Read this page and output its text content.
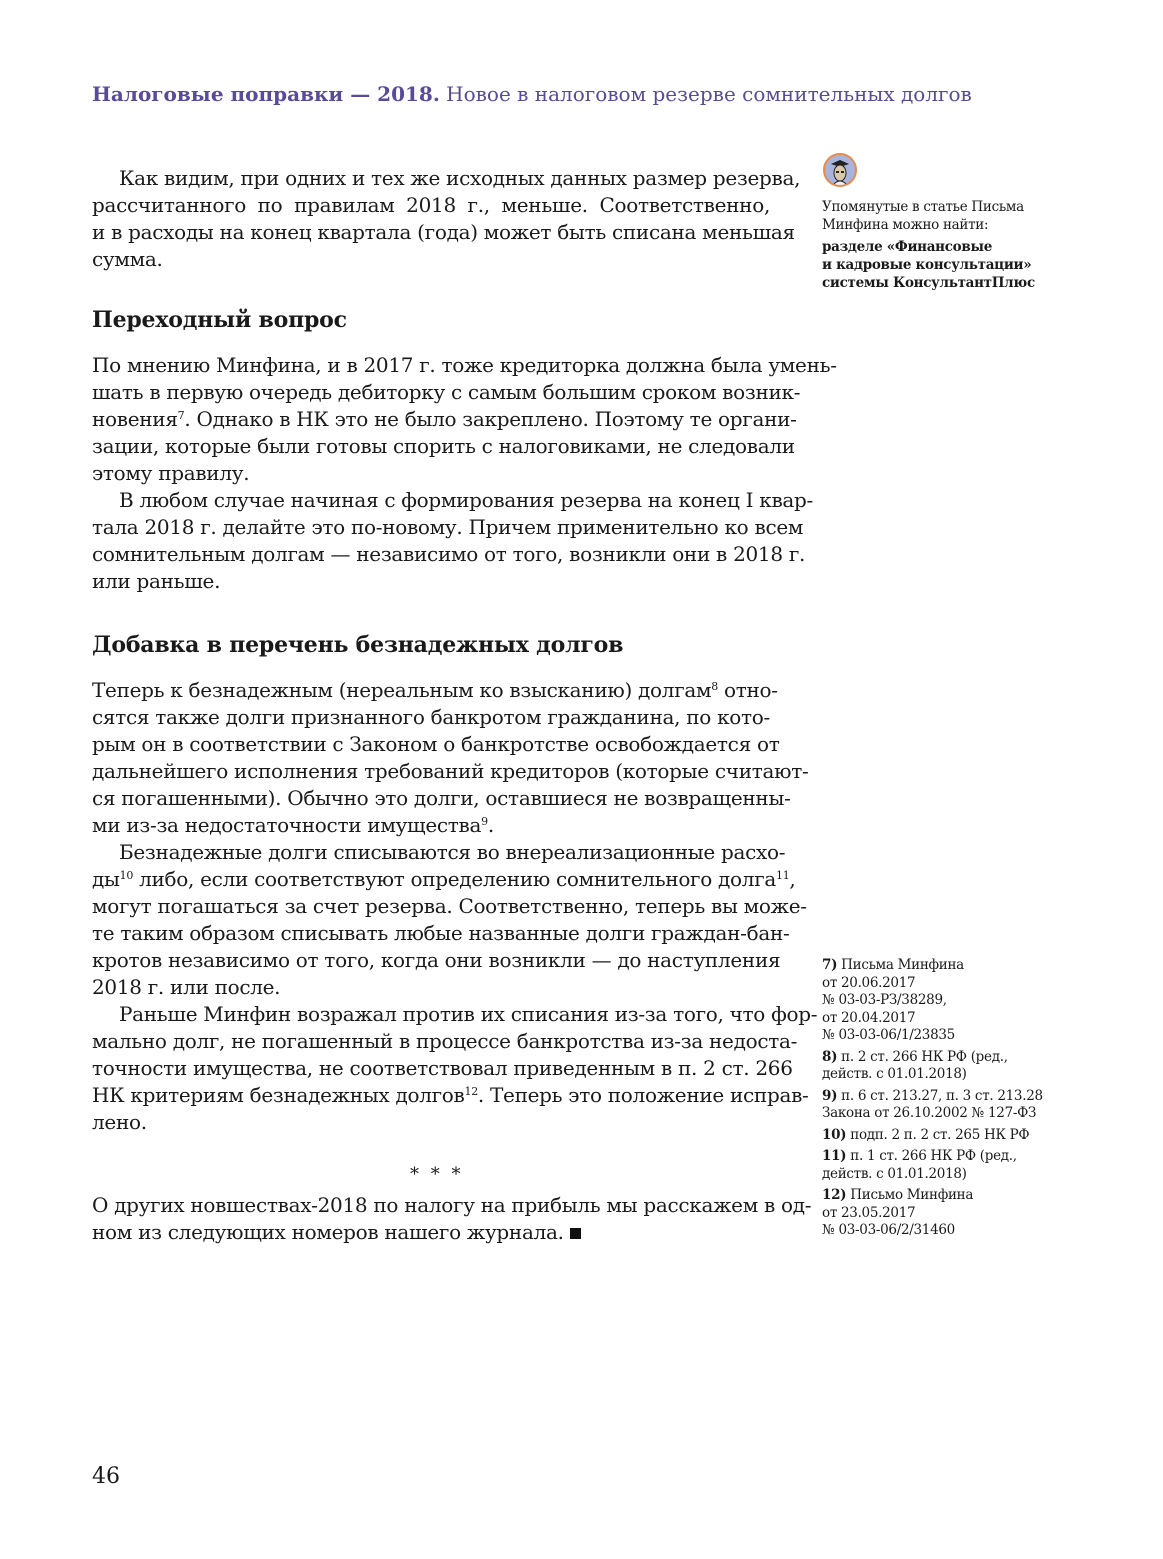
Налоговые поправки — 2018. Новое в налоговом резерве сомнительных долгов
Как видим, при одних и тех же исходных данных размер резерва,
рассчитанного по правилам 2018 г., меньше. Соответственно,
и в расходы на конец квартала (года) может быть списана меньшая
сумма.
Переходный вопрос
По мнению Минфина, и в 2017 г. тоже кредиторка должна была умень-
шать в первую очередь дебиторку с самым большим сроком возник-
новения$^7$. Однако в НК это не было закреплено. Поэтому те органи-
зации, которые были готовы спорить с налоговиками, не следовали
этому правилу.
В любом случае начиная с формирования резерва на конец I квар-
тала 2018 г. делайте это по-новому. Причем применительно ко всем
сомнительным долгам — независимо от того, возникли они в 2018 г.
или раньше.
Добавка в перечень безнадежных долгов
Теперь к безнадежным (нереальным ко взысканию) долгам$^8$ отно-
сятся также долги признанного банкротом гражданина, по кото-
рым он в соответствии с Законом о банкротстве освобождается от
дальнейшего исполнения требований кредиторов (которые считают-
ся погашенными). Обычно это долги, оставшиеся не возвращенны-
ми из-за недостаточности имущества$^9$.
Безнадежные долги списываются во внереализационные расхо-
$ды^{10}$ либо, если соответствуют определению сомнительного долга$^{11}$,
могут погашаться за счет резерва. Соответственно, теперь вы може-
те таким образом списывать любые названные долги граждан-бан-
кротов независимо от того, когда они возникли — до наступления
2018 г. или после.
Раньше Минфин возражал против их списания из-за того, что фор-
мально долг, не погашенный в процессе банкротства из-за недоста-
точности имущества, не соответствовал приведенным в п. 2 ст. 266
НК критериям безнадежных долгов$^{12}$. Теперь это положение исправ-
лено.
* * *
О других новшествах-2018 по налогу на прибыль мы расскажем в од-
ном из следующих номеров нашего журнала.
Упомянутые в статье Письма
Минфина можно найти:
разделе «Финансовые
и кадровые консультации»
системы КонсультантПлюс
7) Письма Минфина
от 20.06.2017
№ 03-03-РЗ/38289,
от 20.04.2017
№ 03-03-06/1/23835
8) п. 2 ст. 266 НК РФ (ред.,
действ. с 01.01.2018)
9) п. 6 ст. 213.27, п. 3 ст. 213.28
Закона от 26.10.2002 № 127-ФЗ
10) подп. 2 п. 2 ст. 265 НК РФ
11) п. 1 ст. 266 НК РФ (ред.,
действ. с 01.01.2018)
12) Письмо Минфина
от 23.05.2017
№ 03-03-06/2/31460
46
